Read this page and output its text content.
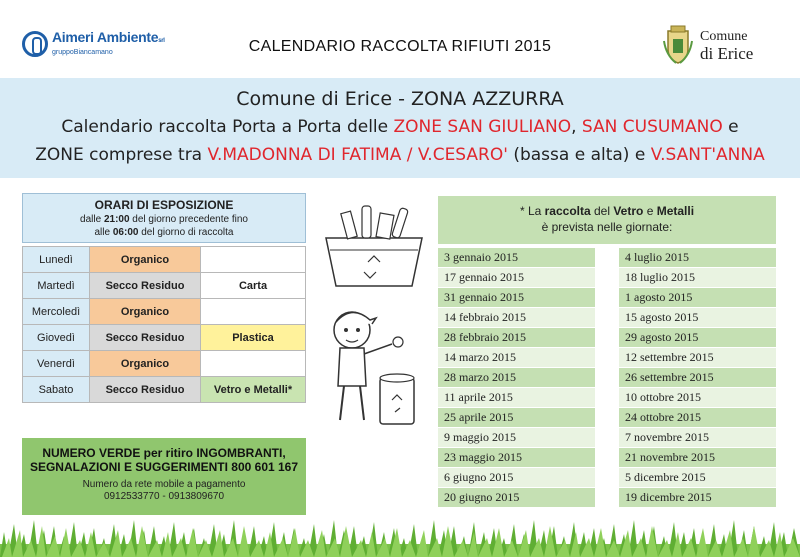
Aimeri Ambientesrl
gruppoBiancamano	CALENDARIO RACCOLTA RIFIUTI 2015
Comune
di Erice
Comune di Erice - ZONA AZZURRA
Calendario raccolta Porta a Porta delle ZONE SAN GIULIANO, SAN CUSUMANO e
ZONE comprese tra V.MADONNA DI FATIMA / V.CESARO' (bassa e alta) e V.SANT'ANNA
ORARI DI ESPOSIZIONE
dalle 21:00 del giorno precedente fino
alle 06:00 del giorno di raccolta
Lunedì	Organico	
Martedì	Secco Residuo	Carta
Mercoledì	Organico	
Giovedì	Secco Residuo	Plastica
Venerdì	Organico	
Sabato	Secco Residuo	Vetro e Metalli*
NUMERO VERDE per ritiro INGOMBRANTI,
SEGNALAZIONI E SUGGERIMENTI 800 601 167
Numero da rete mobile a pagamento
0912533770 - 0913809670
* La raccolta del Vetro e Metalli
è prevista nelle giornate:
3 gennaio 2015
17 gennaio 2015
31 gennaio 2015
14 febbraio 2015
28 febbraio 2015
14 marzo 2015
28 marzo 2015
11 aprile 2015
25 aprile 2015
9 maggio 2015
23 maggio 2015
6 giugno 2015
20 giugno 2015
4 luglio 2015
18 luglio 2015
1 agosto 2015
15 agosto 2015
29 agosto 2015
12 settembre 2015
26 settembre 2015
10 ottobre 2015
24 ottobre 2015
7 novembre 2015
21 novembre 2015
5 dicembre 2015
19 dicembre 2015
